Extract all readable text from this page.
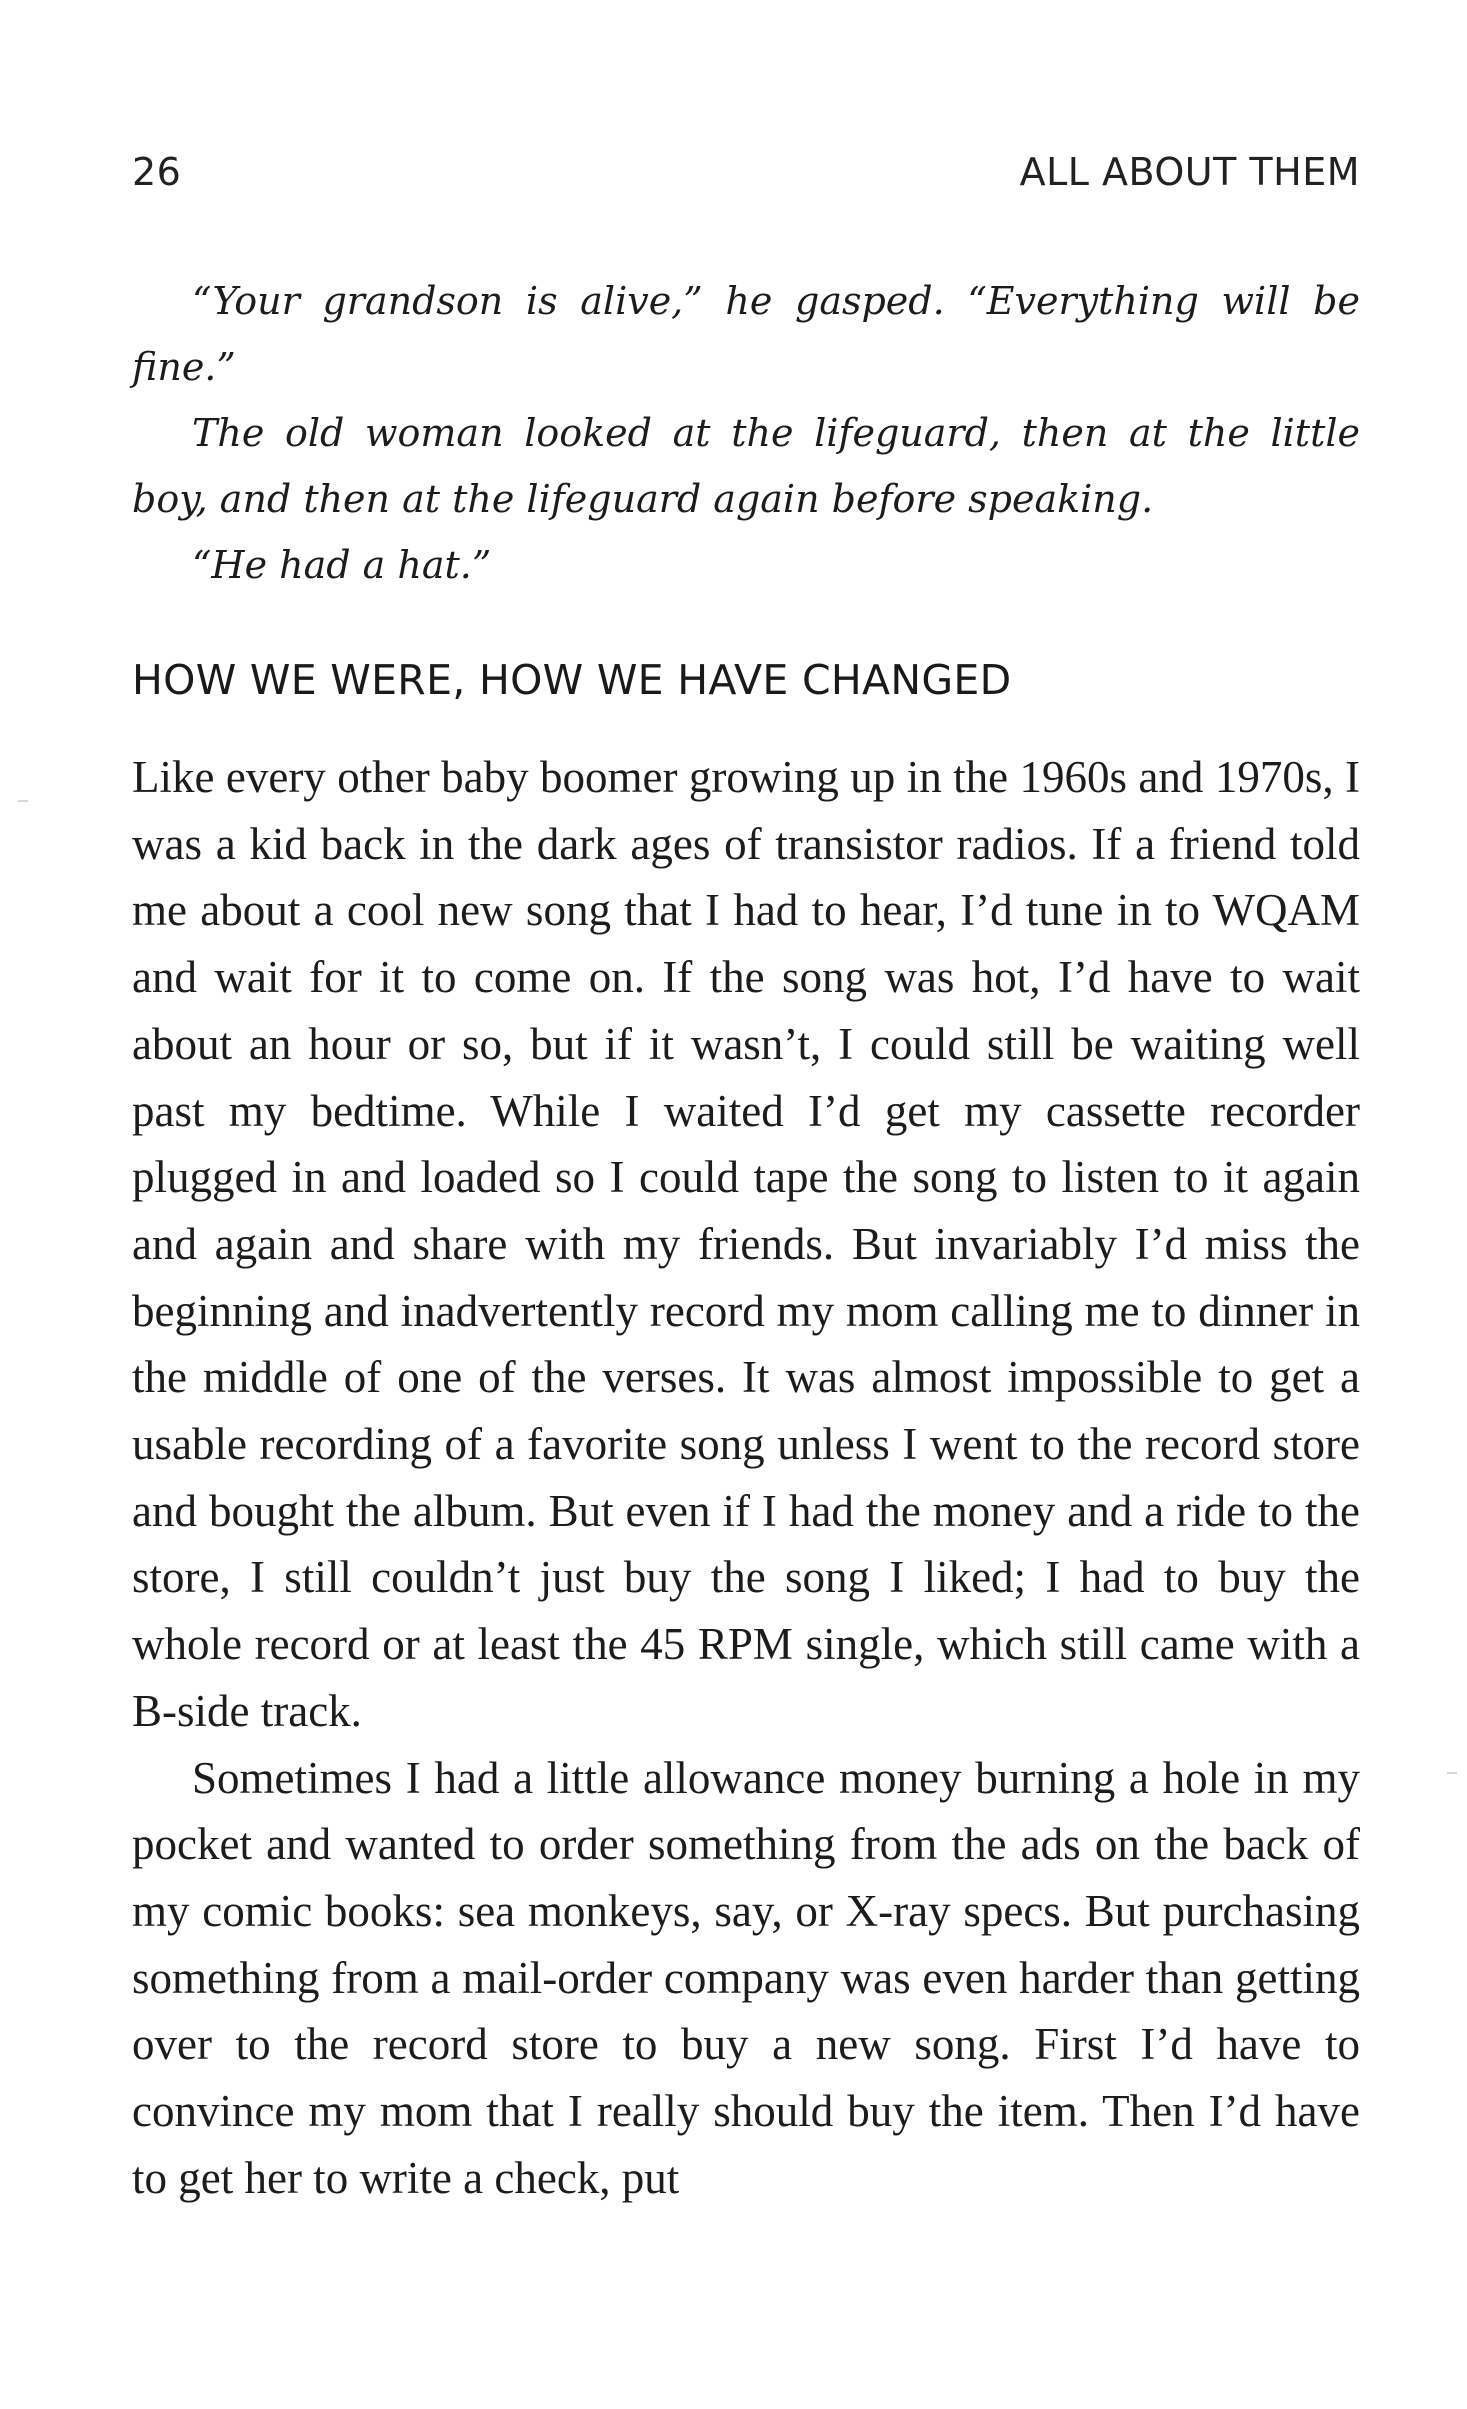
26	ALL ABOUT THEM

“Your grandson is alive,” he gasped. “Everything will be fine.”

The old woman looked at the lifeguard, then at the little boy, and then at the lifeguard again before speaking.

“He had a hat.”

HOW WE WERE, HOW WE HAVE CHANGED

Like every other baby boomer growing up in the 1960s and 1970s, I was a kid back in the dark ages of transistor radios. If a friend told me about a cool new song that I had to hear, I’d tune in to WQAM and wait for it to come on. If the song was hot, I’d have to wait about an hour or so, but if it wasn’t, I could still be waiting well past my bedtime. While I waited I’d get my cassette recorder plugged in and loaded so I could tape the song to listen to it again and again and share with my friends. But invariably I’d miss the beginning and inadvertently record my mom calling me to dinner in the middle of one of the verses. It was almost impossible to get a usable recording of a favorite song unless I went to the record store and bought the album. But even if I had the money and a ride to the store, I still couldn’t just buy the song I liked; I had to buy the whole record or at least the 45 RPM single, which still came with a B-side track.

Sometimes I had a little allowance money burning a hole in my pocket and wanted to order something from the ads on the back of my comic books: sea monkeys, say, or X-ray specs. But purchasing something from a mail-order company was even harder than getting over to the record store to buy a new song. First I’d have to convince my mom that I really should buy the item. Then I’d have to get her to write a check, put
